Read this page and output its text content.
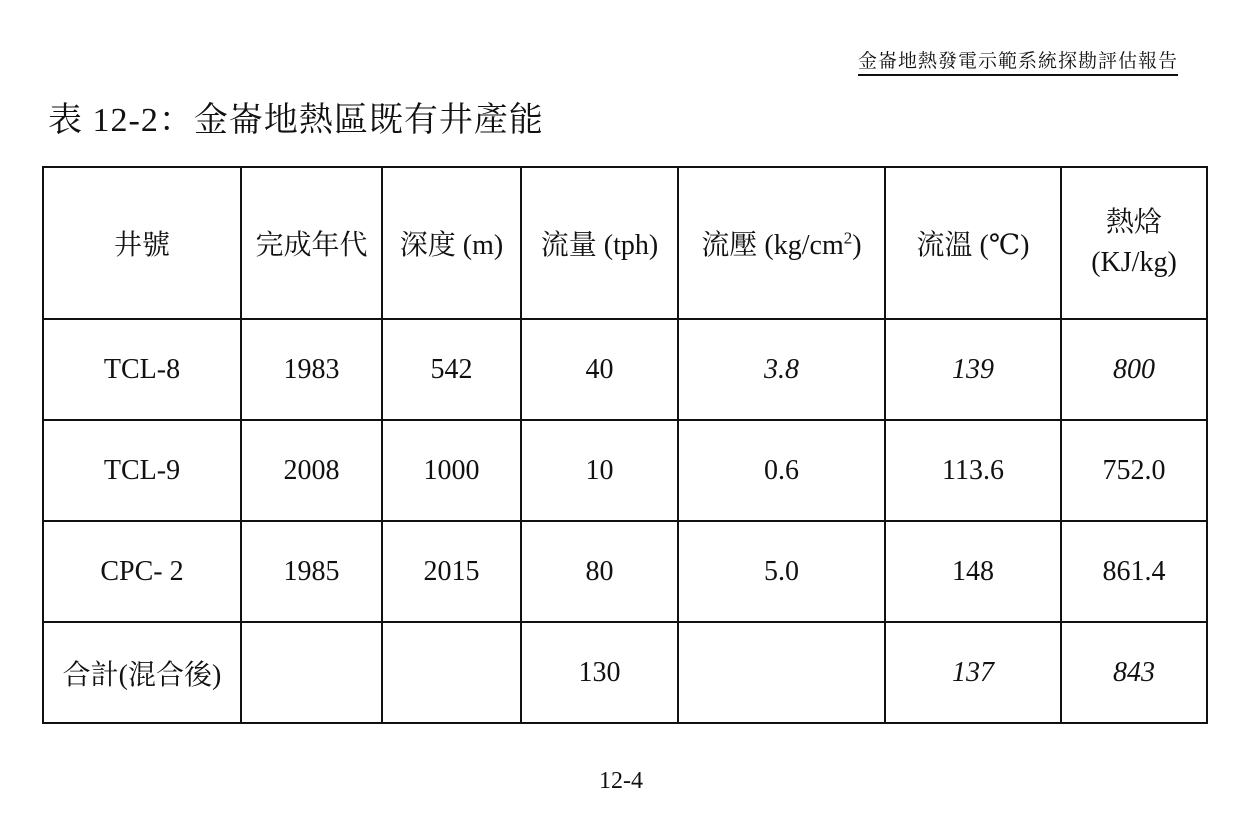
金崙地熱發電示範系統探勘評估報告
表 12-2：金崙地熱區既有井產能
井號	完成年代	深度 (m)	流量 (tph)	流壓 $(kg/cm^2)$	流溫 (℃)	熱焓
(KJ/kg)

TCL-8	1983	542	40	3.8	139	800
TCL-9	2008	1000	10	0.6	113.6	752.0
CPC- 2	1985	2015	80	5.0	148	861.4
合計(混合後)			130		137	843
12-4
